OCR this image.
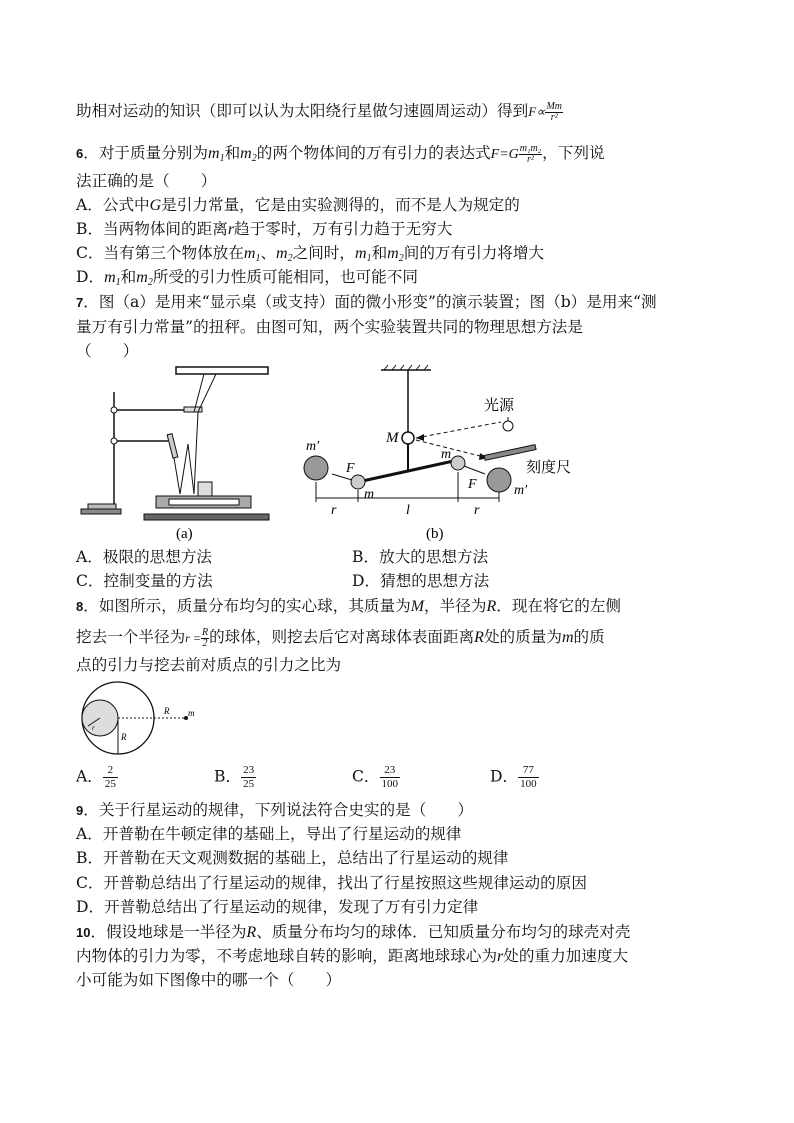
助相对运动的知识（即可以认为太阳绕行星做匀速圆周运动）得到$F\propto \frac{Mm}{\text{r²}}$
6．对于质量分别为$m_1$和$m_2$的两个物体间的万有引力的表达式$F=G \frac{\text{m₁m₂}}{\text{r²}}$ ，下列说
法正确的是（　　）
A．公式中G是引力常量，它是由实验测得的，而不是人为规定的
B．当两物体间的距离r趋于零时，万有引力趋于无穷大
C．当有第三个物体放在$m_1$、$m_2$之间时，$m_1$和$m_2$间的万有引力将增大
D．$m_1$和$m_2$所受的引力性质可能相同，也可能不同
7．图（a）是用来“显示桌（或支持）面的微小形变”的演示装置；图（b）是用来“测
量万有引力常量”的扭秤。由图可知，两个实验装置共同的物理思想方法是
（　　）
(a)
M
光源
刻度尺
m′
m′
F
F
m
m
r	l	r
(b)
A．极限的思想方法	B．放大的思想方法
C．控制变量的方法	D．猜想的思想方法
8．如图所示，质量分布均匀的实心球，其质量为M，半径为R．现在将它的左侧
挖去一个半径为$r = \frac{R}{2}$ 的球体，则挖去后它对离球体表面距离R处的质量为m的质
点的引力与挖去前对质点的引力之比为
R m
R
r
A． $\frac{2}{25}$	B． $\frac{23}{25}$	C． $\frac{23}{100}$	D． $\frac{77}{100}$
9．关于行星运动的规律，下列说法符合史实的是（　　）
A．开普勒在牛顿定律的基础上，导出了行星运动的规律
B．开普勒在天文观测数据的基础上，总结出了行星运动的规律
C．开普勒总结出了行星运动的规律，找出了行星按照这些规律运动的原因
D．开普勒总结出了行星运动的规律，发现了万有引力定律
10．假设地球是一半径为R、质量分布均匀的球体．已知质量分布均匀的球壳对壳
内物体的引力为零，不考虑地球自转的影响，距离地球球心为r处的重力加速度大
小可能为如下图像中的哪一个（　　）
